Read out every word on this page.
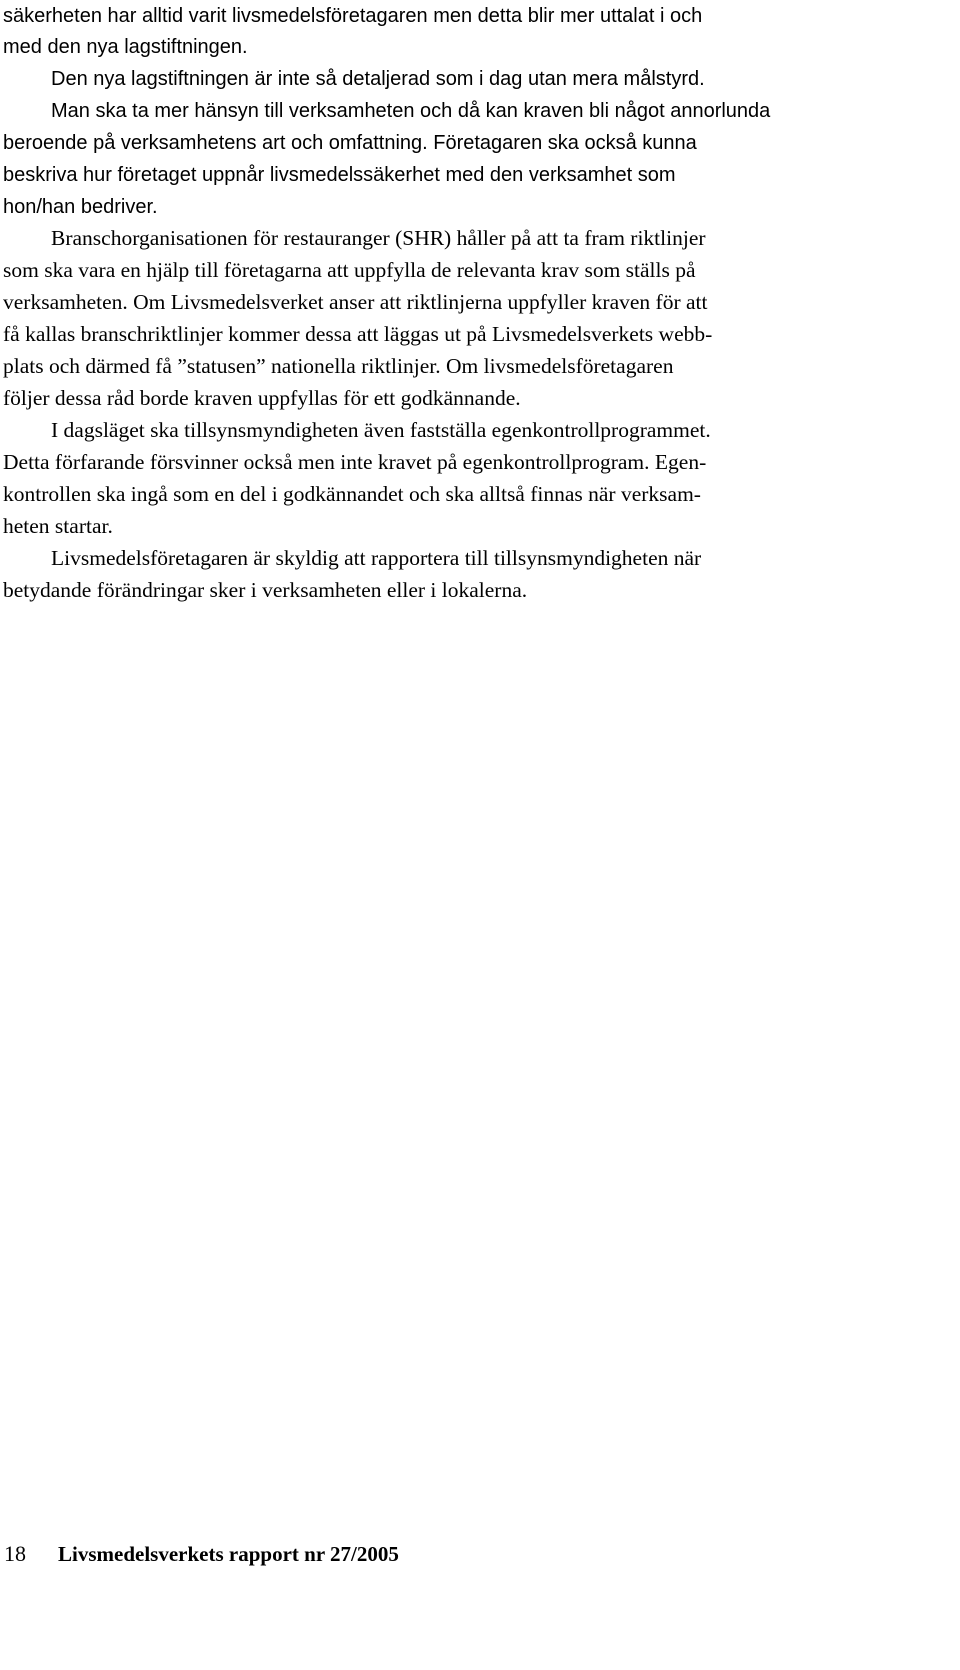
säkerheten har alltid varit livsmedelsföretagaren men detta blir mer uttalat i och
med den nya lagstiftningen.
Den nya lagstiftningen är inte så detaljerad som i dag utan mera målstyrd.
Man ska ta mer hänsyn till verksamheten och då kan kraven bli något annorlunda
beroende på verksamhetens art och omfattning. Företagaren ska också kunna
beskriva hur företaget uppnår livsmedelssäkerhet med den verksamhet som
hon/han bedriver.
Branschorganisationen för restauranger (SHR) håller på att ta fram riktlinjer
som ska vara en hjälp till företagarna att uppfylla de relevanta krav som ställs på
verksamheten. Om Livsmedelsverket anser att riktlinjerna uppfyller kraven för att
få kallas branschriktlinjer kommer dessa att läggas ut på Livsmedelsverkets webb-
plats och därmed få ”statusen” nationella riktlinjer. Om livsmedelsföretagaren
följer dessa råd borde kraven uppfyllas för ett godkännande.
I dagsläget ska tillsynsmyndigheten även fastställa egenkontrollprogrammet.
Detta förfarande försvinner också men inte kravet på egenkontrollprogram. Egen-
kontrollen ska ingå som en del i godkännandet och ska alltså finnas när verksam-
heten startar.
Livsmedelsföretagaren är skyldig att rapportera till tillsynsmyndigheten när
betydande förändringar sker i verksamheten eller i lokalerna.
18 Livsmedelsverkets rapport nr 27/2005
